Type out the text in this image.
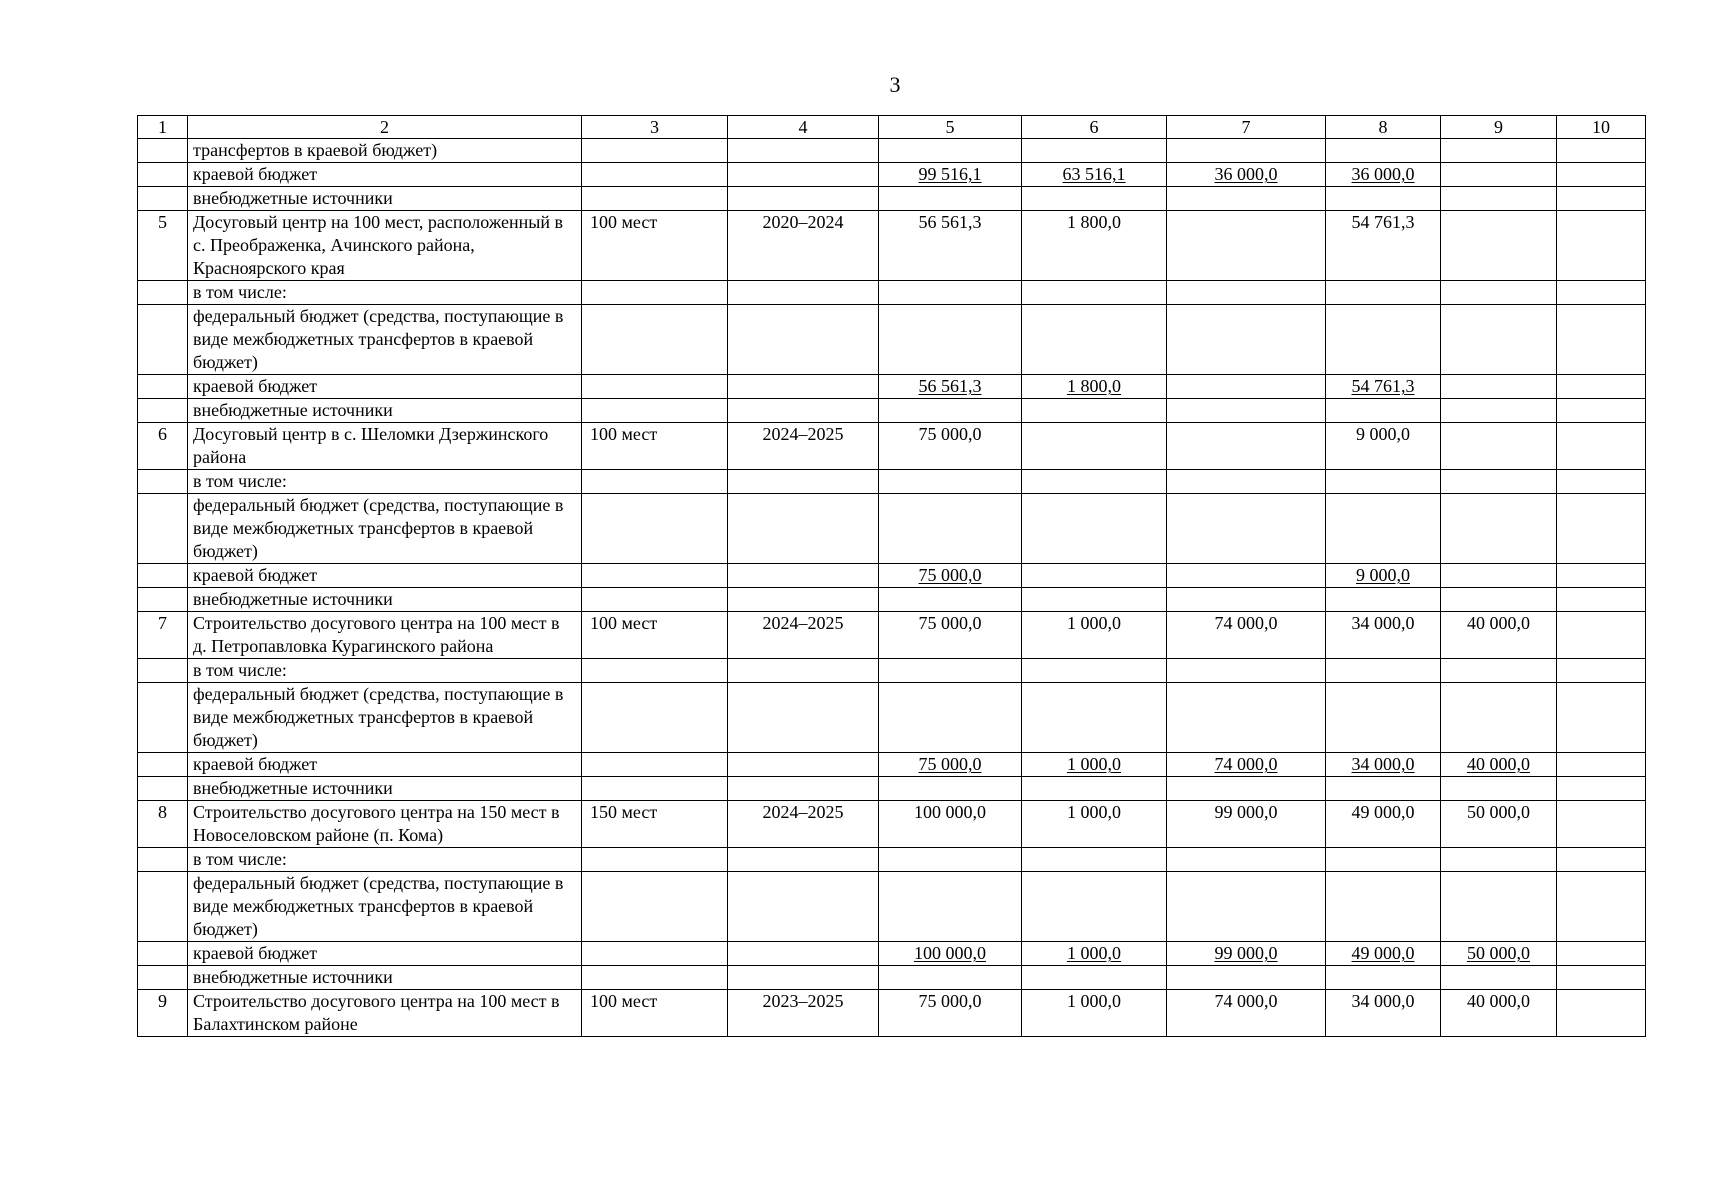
3
1	2	3	4	5	6	7	8	9	10
	трансфертов в краевой бюджет)								
	краевой бюджет			99 516,1	63 516,1	36 000,0	36 000,0		
	внебюджетные источники								
5	Досуговый центр на 100 мест, расположенный в с. Преображенка, Ачинского района, Красноярского края	100 мест	2020–2024	56 561,3	1 800,0		54 761,3		
	в том числе:								
	федеральный бюджет (средства, поступающие в виде межбюджетных трансфертов в краевой бюджет)								
	краевой бюджет			56 561,3	1 800,0		54 761,3		
	внебюджетные источники								
6	Досуговый центр в с. Шеломки Дзержинского района	100 мест	2024–2025	75 000,0			9 000,0		
	в том числе:								
	федеральный бюджет (средства, поступающие в виде межбюджетных трансфертов в краевой бюджет)								
	краевой бюджет			75 000,0			9 000,0		
	внебюджетные источники								
7	Строительство досугового центра на 100 мест в д. Петропавловка Курагинского района	100 мест	2024–2025	75 000,0	1 000,0	74 000,0	34 000,0	40 000,0	
	в том числе:								
	федеральный бюджет (средства, поступающие в виде межбюджетных трансфертов в краевой бюджет)								
	краевой бюджет			75 000,0	1 000,0	74 000,0	34 000,0	40 000,0	
	внебюджетные источники								
8	Строительство досугового центра на 150 мест в Новоселовском районе (п. Кома)	150 мест	2024–2025	100 000,0	1 000,0	99 000,0	49 000,0	50 000,0	
	в том числе:								
	федеральный бюджет (средства, поступающие в виде межбюджетных трансфертов в краевой бюджет)								
	краевой бюджет			100 000,0	1 000,0	99 000,0	49 000,0	50 000,0	
	внебюджетные источники								
9	Строительство досугового центра на 100 мест в Балахтинском районе	100 мест	2023–2025	75 000,0	1 000,0	74 000,0	34 000,0	40 000,0	
